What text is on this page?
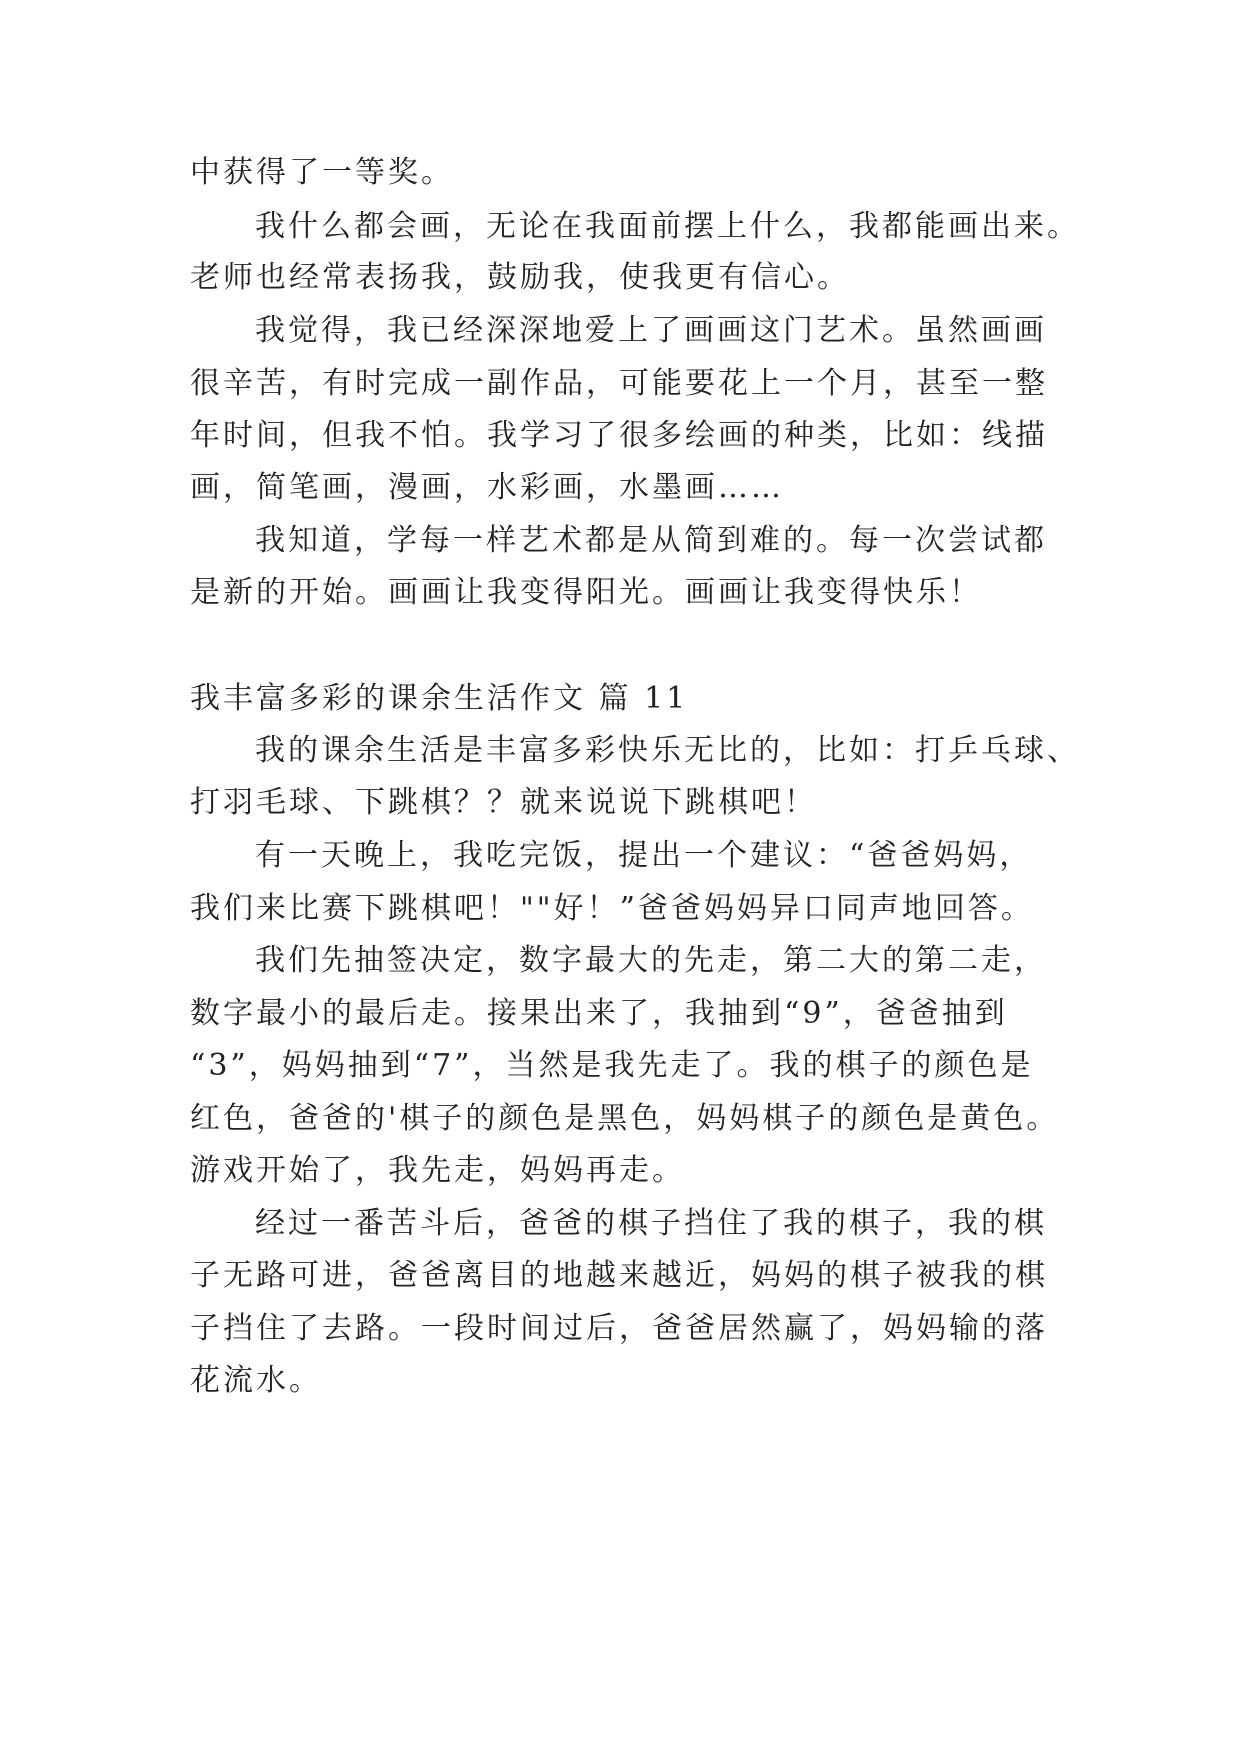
中获得了一等奖。
我什么都会画，无论在我面前摆上什么，我都能画出来。
老师也经常表扬我，鼓励我，使我更有信心。
我觉得，我已经深深地爱上了画画这门艺术。虽然画画
很辛苦，有时完成一副作品，可能要花上一个月，甚至一整
年时间，但我不怕。我学习了很多绘画的种类，比如：线描
画，简笔画，漫画，水彩画，水墨画……
我知道，学每一样艺术都是从简到难的。每一次尝试都
是新的开始。画画让我变得阳光。画画让我变得快乐！
我丰富多彩的课余生活作文 篇 11
我的课余生活是丰富多彩快乐无比的，比如：打乒乓球、
打羽毛球、下跳棋？？就来说说下跳棋吧！
有一天晚上，我吃完饭，提出一个建议：“爸爸妈妈，
我们来比赛下跳棋吧！""好！”爸爸妈妈异口同声地回答。
我们先抽签决定，数字最大的先走，第二大的第二走，
数字最小的最后走。接果出来了，我抽到“9”，爸爸抽到
“3”，妈妈抽到“7”，当然是我先走了。我的棋子的颜色是
红色，爸爸的'棋子的颜色是黑色，妈妈棋子的颜色是黄色。
游戏开始了，我先走，妈妈再走。
经过一番苦斗后，爸爸的棋子挡住了我的棋子，我的棋
子无路可进，爸爸离目的地越来越近，妈妈的棋子被我的棋
子挡住了去路。一段时间过后，爸爸居然赢了，妈妈输的落
花流水。
